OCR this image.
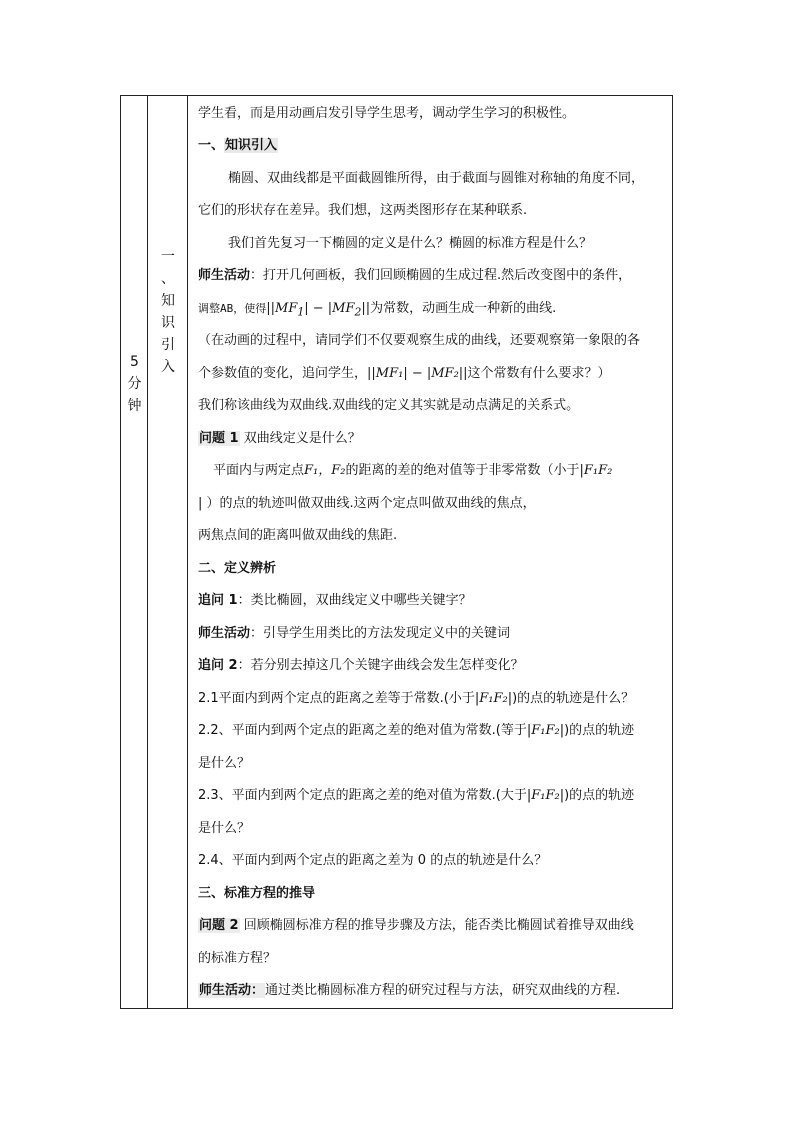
5
分
钟
一
、
知
识
引
入
学生看，而是用动画启发引导学生思考，调动学生学习的积极性。
一、知识引入
椭圆、双曲线都是平面截圆锥所得，由于截面与圆锥对称轴的角度不同，
它们的形状存在差异。我们想，这两类图形存在某种联系.
我们首先复习一下椭圆的定义是什么？椭圆的标准方程是什么？
师生活动：打开几何画板，我们回顾椭圆的生成过程.然后改变图中的条件，
调整AB，使得$||MF_1| - |MF_2||$为常数，动画生成一种新的曲线.
（在动画的过程中，请同学们不仅要观察生成的曲线，还要观察第一象限的各
个参数值的变化，追问学生，||MF₁| − |MF₂||这个常数有什么要求？）
我们称该曲线为双曲线.双曲线的定义其实就是动点满足的关系式。
问题 1 双曲线定义是什么？
平面内与两定点F₁，F₂的距离的差的绝对值等于非零常数（小于|F₁F₂
| ）的点的轨迹叫做双曲线.这两个定点叫做双曲线的焦点，
两焦点间的距离叫做双曲线的焦距.
二、定义辨析
追问 1：类比椭圆，双曲线定义中哪些关键字？
师生活动：引导学生用类比的方法发现定义中的关键词
追问 2：若分别去掉这几个关键字曲线会发生怎样变化？
2.1平面内到两个定点的距离之差等于常数.(小于|F₁F₂|)的点的轨迹是什么？
2.2、平面内到两个定点的距离之差的绝对值为常数.(等于|F₁F₂|)的点的轨迹
是什么？
2.3、平面内到两个定点的距离之差的绝对值为常数.(大于|F₁F₂|)的点的轨迹
是什么？
2.4、平面内到两个定点的距离之差为 0 的点的轨迹是什么？
三、标准方程的推导
问题 2 回顾椭圆标准方程的推导步骤及方法，能否类比椭圆试着推导双曲线
的标准方程？
师生活动：通过类比椭圆标准方程的研究过程与方法，研究双曲线的方程.
